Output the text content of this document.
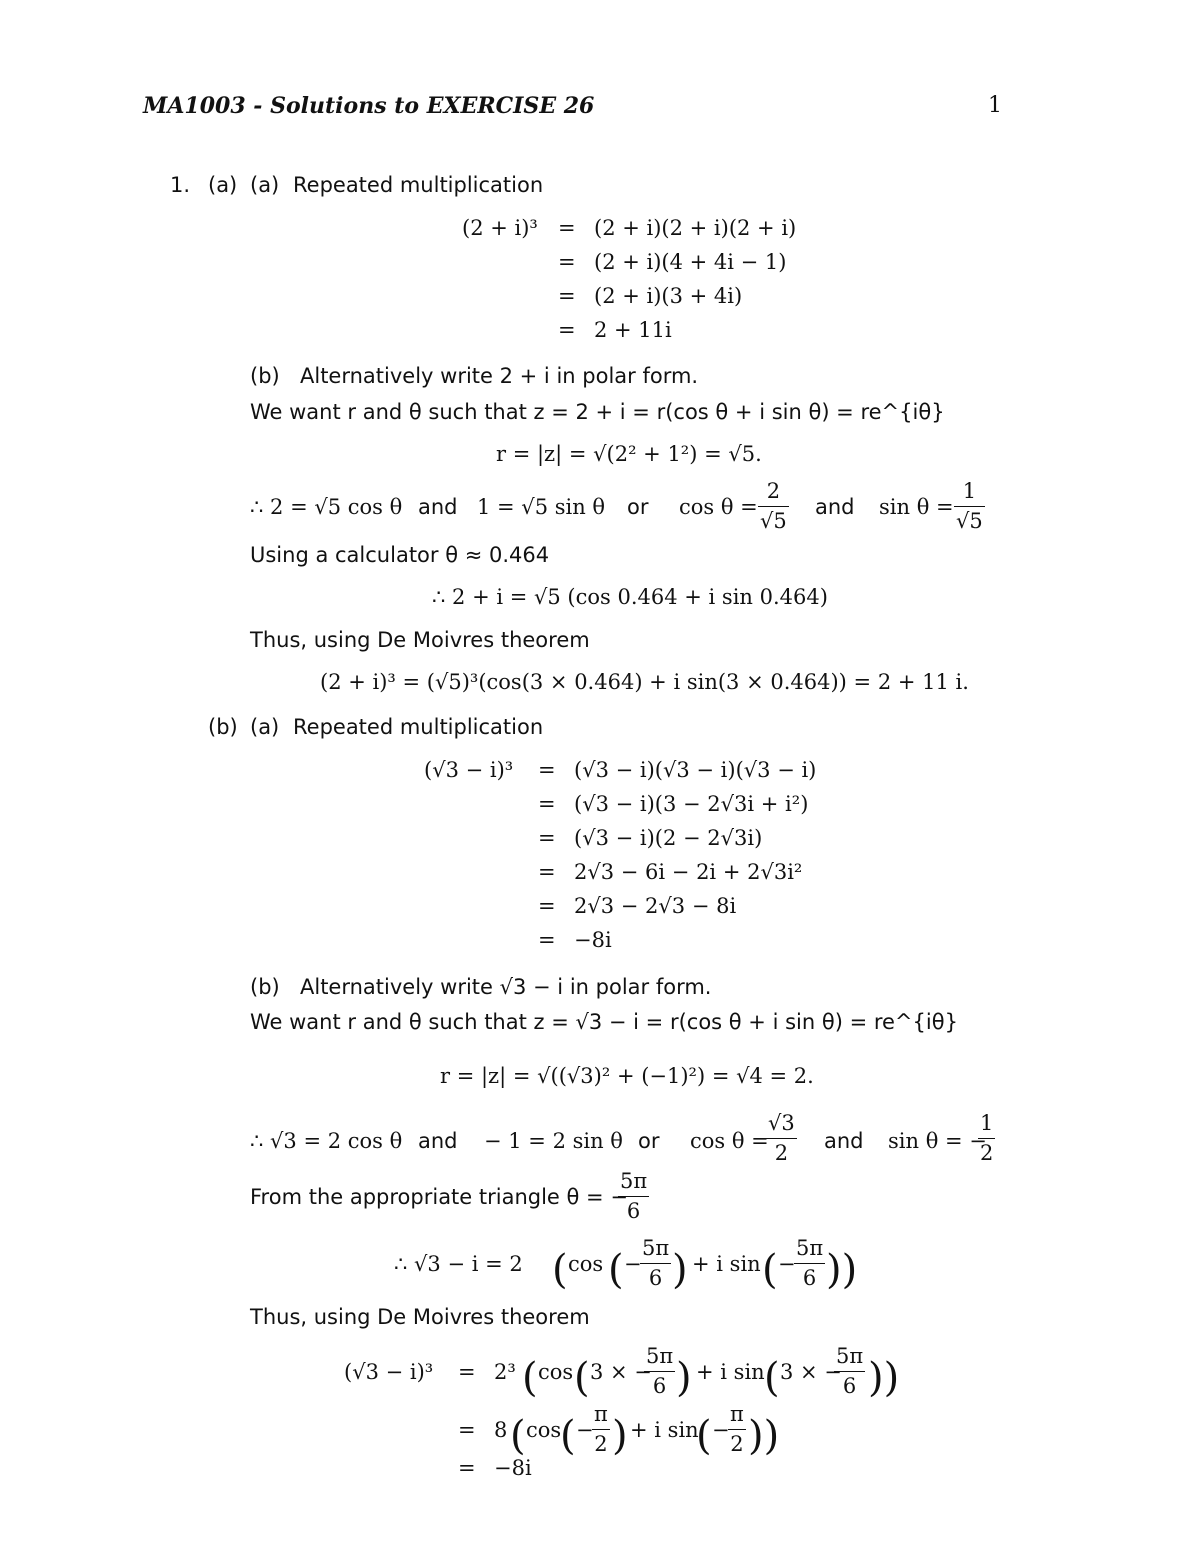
MA1003 - Solutions to EXERCISE 26	1
1. (a) (a) Repeated multiplication
(2 + i)³ = (2 + i)(2 + i)(2 + i)
= (2 + i)(4 + 4i − 1)
= (2 + i)(3 + 4i)
= 2 + 11i
(b) Alternatively write 2 + i in polar form.
We want r and θ such that z = 2 + i = r(cos θ + i sin θ) = re^{iθ}
r = |z| = √(2² + 1²) = √5.
∴ 2 = √5 cos θ and 1 = √5 sin θ or $\cos \theta = \frac{2}{√5}$ and $\sin \theta = \frac{1}{√5}$
Using a calculator θ ≈ 0.464
∴ 2 + i = √5 (cos 0.464 + i sin 0.464)
Thus, using De Moivres theorem
(2 + i)³ = (√5)³(cos(3 × 0.464) + i sin(3 × 0.464)) = 2 + 11 i.
(b) (a) Repeated multiplication
(√3 − i)³ = (√3 − i)(√3 − i)(√3 − i)
= (√3 − i)(3 − 2√3i + i²)
= (√3 − i)(2 − 2√3i)
= 2√3 − 6i − 2i + 2√3i²
= 2√3 − 2√3 − 8i
= −8i
(b) Alternatively write √3 − i in polar form.
We want r and θ such that z = √3 − i = r(cos θ + i sin θ) = re^{iθ}
r = |z| = √((√3)² + (−1)²) = √4 = 2.
∴ √3 = 2 cos θ and − 1 = 2 sin θ or cos θ =
$\frac{√3}{2}$ and sin θ = −
$\frac{1}{2}$
From the appropriate triangle θ = −
$\frac{5\pi}{6}$
∴ √3 − i = 2 ( cos ( −
$\frac{5\pi}{6}$ ) + i sin ( −
$\frac{5\pi}{6}$ ))
Thus, using De Moivres theorem
(√3 − i)³ = 2³ ( cos ( 3 × −
$\frac{5\pi}{6}$ ) + i sin ( 3 × −
$\frac{5\pi}{6}$ ))
= 8 ( cos
( −
$\frac{\pi}{2}$ ) + i sin
( −
$\frac{\pi}{2}$ ))
= −8i
